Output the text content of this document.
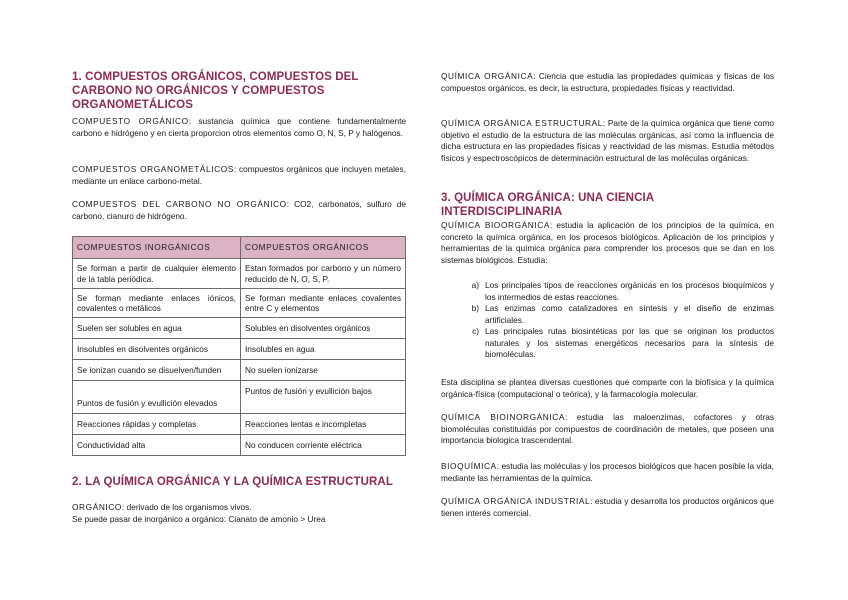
1. COMPUESTOS ORGÁNICOS, COMPUESTOS DEL CARBONO NO ORGÁNICOS Y COMPUESTOS ORGANOMETÁLICOS

COMPUESTO ORGÁNICO: sustancia química que contiene fundamentalmente carbono e hidrógeno y en cierta proporcion otros elementos como O, N, S, P y halógenos.

COMPUESTOS ORGANOMETÁLICOS: compuestos orgánicos que incluyen metales, mediante un enlace carbono-metal.

COMPUESTOS DEL CARBONO NO ORGÁNICO: CO2, carbonatos, sulfuro de carbono, cianuro de hidrógeno.

COMPUESTOS INORGÁNICOS	COMPUESTOS ORGÁNICOS
Se forman a partir de cualquier elemento de la tabla periódica.	Estan formados por carbono y un número reducido de N, O, S, P.
Se forman mediante enlaces iónicos, covalentes o metálicos	Se forman mediante enlaces covalentes entre C y elementos
Suelen ser solubles en agua	Solubles en disolventes orgánicos
Insolubles en disolventes orgánicos	Insolubles en agua
Se ionizan cuando se disuelven/funden	No suelen ionizarse
Puntos de fusión y evullición elevados	Puntos de fusión y evullición bajos
Reacciones rápidas y completas	Reacciones lentas e incompletas
Conductividad alta	No conducen corriente eléctrica
2. LA QUÍMICA ORGÁNICA Y LA QUÍMICA ESTRUCTURAL

ORGÁNICO: derivado de los organismos vivos.

Se puede pasar de inorgánico a orgánico: Cianato de amonio > Urea

QUÍMICA ORGÁNICA: Ciencia que estudia las propiedades químicas y físicas de los compuestos orgánicos, es decir, la estructura, propiedades físicas y reactividad.

QUÍMICA ORGÁNICA ESTRUCTURAL: Parte de la química orgánica que tiene como objetivo el estudio de la estructura de las moléculas orgánicas, así como la influencia de dicha estructura en las propiedades físicas y reactividad de las mismas. Estudia métodos físicos y espectroscópicos de determinación estructural de las moléculas orgánicas.

3. QUÍMICA ORGÁNICA: UNA CIENCIA INTERDISCIPLINARIA

QUÍMICA BIOORGÁNICA: estudia la aplicación de los principios de la química, en concreto la química orgánica, en los procesos biológicos. Aplicación de los principios y herramientas de la química orgánica para comprender los procesos que se dan en los sistemas biológicos. Estudia:

a. Los principales tipos de reacciones orgánicas en los procesos bioquímicos y los intermedios de estas reacciones.
b. Las enzimas como catalizadores en síntesis y el diseño de enzimas artificiales.
c. Las principales rutas biosintéticas por las que se originan los productos naturales y los sistemas energéticos necesarios para la síntesis de biomoléculas.

Esta disciplina se plantea diversas cuestiones que comparte con la biofísica y la química orgánica-física (computacional o teórica), y la farmacología molecular.

QUÍMICA BIOINORGÁNICA: estudia las maloenzimas, cofactores y otras biomoléculas constituidas por compuestos de coordinación de metales, que poseen una importancia biologica trascendental.

BIOQUÍMICA: estudia las moléculas y los procesos biológicos que hacen posible la vida, mediante las herramientas de la química.

QUÍMICA ORGÁNICA INDUSTRIAL: estudia y desarrolla los productos orgánicos que tienen interés comercial.
